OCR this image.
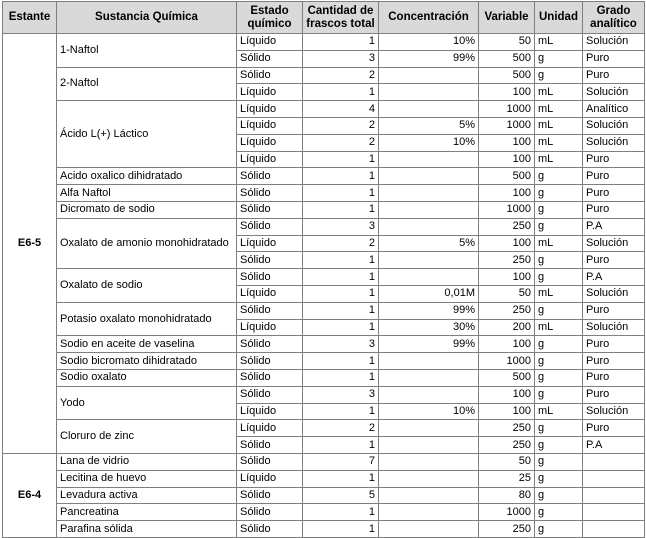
Estante	Sustancia Química	Estado químico	Cantidad de frascos total	Concentración	Variable	Unidad	Grado analítico
E6-5	1-Naftol	Líquido	1	10%	50	mL	Solución
		Sólido	3	99%	500	g	Puro
	2-Naftol	Sólido	2		500	g	Puro
		Líquido	1		100	mL	Solución
	Ácido L(+) Láctico	Líquido	4		1000	mL	Analítico
		Líquido	2	5%	1000	mL	Solución
		Líquido	2	10%	100	mL	Solución
		Líquido	1		100	mL	Puro
	Acido oxalico dihidratado	Sólido	1		500	g	Puro
	Alfa Naftol	Sólido	1		100	g	Puro
	Dicromato de sodio	Sólido	1		1000	g	Puro
	Oxalato de amonio monohidratado	Sólido	3		250	g	P.A
		Líquido	2	5%	100	mL	Solución
		Sólido	1		250	g	Puro
	Oxalato de sodio	Sólido	1		100	g	P.A
		Líquido	1	0,01M	50	mL	Solución
	Potasio oxalato monohidratado	Sólido	1	99%	250	g	Puro
		Líquido	1	30%	200	mL	Solución
	Sodio en aceite de vaselina	Sólido	3	99%	100	g	Puro
	Sodio bicromato dihidratado	Sólido	1		1000	g	Puro
	Sodio oxalato	Sólido	1		500	g	Puro
	Yodo	Sólido	3		100	g	Puro
		Líquido	1	10%	100	mL	Solución
	Cloruro de zinc	Líquido	2		250	g	Puro
		Sólido	1		250	g	P.A
E6-4	Lana de vidrio	Sólido	7		50	g	
	Lecitina de huevo	Líquido	1		25	g	
	Levadura activa	Sólido	5		80	g	
	Pancreatina	Sólido	1		1000	g	
	Parafina sólida	Sólido	1		250	g	
